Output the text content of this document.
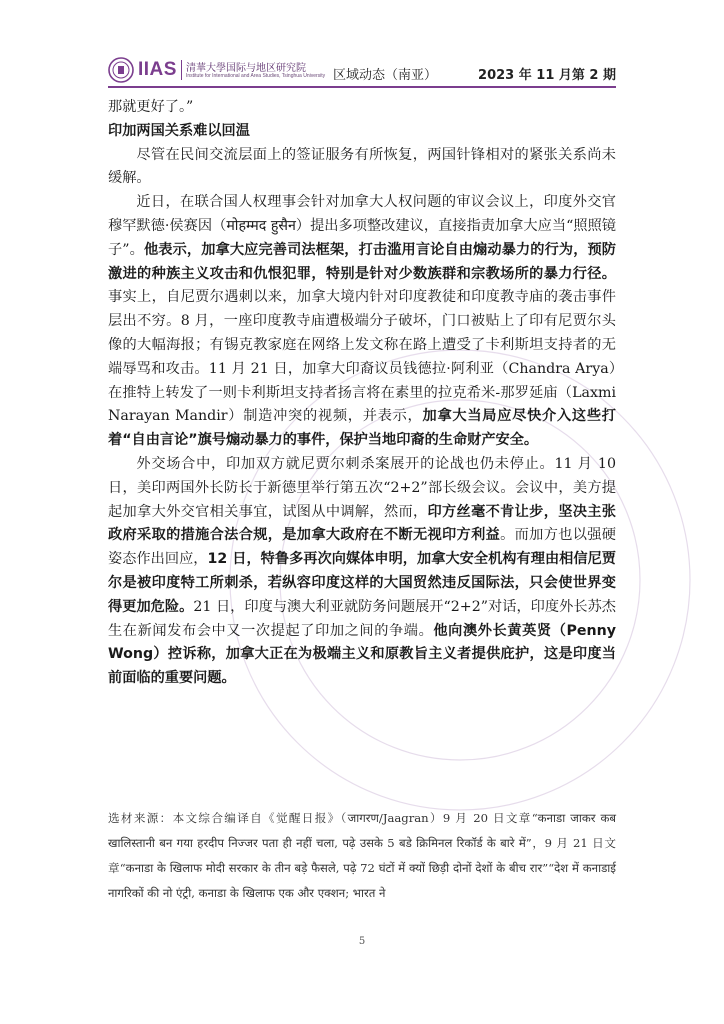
IIAS 清華大學国际与地区研究院
Institute for International and Area Studies, Tsinghua University 区域动态（南亚）	2023 年 11 月第 2 期

那就更好了。”

印加两国关系难以回温

尽管在民间交流层面上的签证服务有所恢复，两国针锋相对的紧张关系尚未缓解。

近日，在联合国人权理事会针对加拿大人权问题的审议会议上，印度外交官穆罕默德·侯赛因（मोहम्मद हुसैन）提出多项整改建议，直接指责加拿大应当“照照镜子”。他表示，加拿大应完善司法框架，打击滥用言论自由煽动暴力的行为，预防激进的种族主义攻击和仇恨犯罪，特别是针对少数族群和宗教场所的暴力行径。事实上，自尼贾尔遇刺以来，加拿大境内针对印度教徒和印度教寺庙的袭击事件层出不穷。8 月，一座印度教寺庙遭极端分子破坏，门口被贴上了印有尼贾尔头像的大幅海报；有锡克教家庭在网络上发文称在路上遭受了卡利斯坦支持者的无端辱骂和攻击。11 月 21 日，加拿大印裔议员钱德拉·阿利亚（Chandra Arya）在推特上转发了一则卡利斯坦支持者扬言将在素里的拉克希米-那罗延庙（Laxmi Narayan Mandir）制造冲突的视频，并表示，加拿大当局应尽快介入这些打着“自由言论”旗号煽动暴力的事件，保护当地印裔的生命财产安全。

外交场合中，印加双方就尼贾尔刺杀案展开的论战也仍未停止。11 月 10 日，美印两国外长防长于新德里举行第五次“2+2”部长级会议。会议中，美方提起加拿大外交官相关事宜，试图从中调解，然而，印方丝毫不肯让步，坚决主张政府采取的措施合法合规，是加拿大政府在不断无视印方利益。而加方也以强硬姿态作出回应，12 日，特鲁多再次向媒体申明，加拿大安全机构有理由相信尼贾尔是被印度特工所刺杀，若纵容印度这样的大国贸然违反国际法，只会使世界变得更加危险。21 日，印度与澳大利亚就防务问题展开“2+2”对话，印度外长苏杰生在新闻发布会中又一次提起了印加之间的争端。他向澳外长黄英贤（Penny Wong）控诉称，加拿大正在为极端主义和原教旨主义者提供庇护，这是印度当前面临的重要问题。

选材来源：本文综合编译自《觉醒日报》（जागरण/Jaagran）9 月 20 日文章“कनाडा जाकर कब खालिस्तानी बन गया हरदीप निज्जर पता ही नहीं चला, पढ़े उसके 5 बडे क्रिमिनल रिकॉर्ड के बारे में”，9 月 21 日文章“कनाडा के खिलाफ मोदी सरकार के तीन बड़े फैसले, पढ़े 72 घंटों में क्यों छिड़ी दोनों देशों के बीच रार”“देश में कनाडाई नागरिकों की नो एंट्री, कनाडा के खिलाफ एक और एक्शन; भारत ने
5
